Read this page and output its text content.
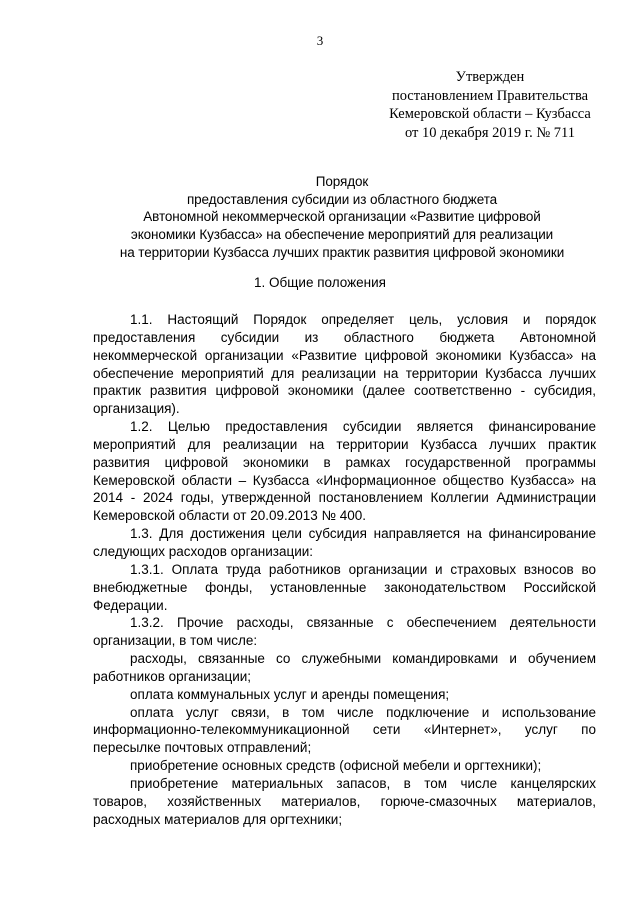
3
Утвержден
постановлением Правительства
Кемеровской области – Кузбасса
от 10 декабря 2019 г. № 711
Порядок
предоставления субсидии из областного бюджета
Автономной некоммерческой организации «Развитие цифровой
экономики Кузбасса» на обеспечение мероприятий для реализации
на территории Кузбасса лучших практик развития цифровой экономики
1. Общие положения
1.1. Настоящий Порядок определяет цель, условия и порядок
предоставления субсидии из областного бюджета Автономной
некоммерческой организации «Развитие цифровой экономики Кузбасса» на
обеспечение мероприятий для реализации на территории Кузбасса лучших
практик развития цифровой экономики (далее соответственно - субсидия,
организация).
1.2. Целью предоставления субсидии является финансирование
мероприятий для реализации на территории Кузбасса лучших практик
развития цифровой экономики в рамках государственной программы
Кемеровской области – Кузбасса «Информационное общество Кузбасса» на
2014 - 2024 годы, утвержденной постановлением Коллегии Администрации
Кемеровской области от 20.09.2013 № 400.
1.3. Для достижения цели субсидия направляется на финансирование
следующих расходов организации:
1.3.1. Оплата труда работников организации и страховых взносов во
внебюджетные фонды, установленные законодательством Российской
Федерации.
1.3.2. Прочие расходы, связанные с обеспечением деятельности
организации, в том числе:
расходы, связанные со служебными командировками и обучением
работников организации;
оплата коммунальных услуг и аренды помещения;
оплата услуг связи, в том числе подключение и использование
информационно-телекоммуникационной сети «Интернет», услуг по
пересылке почтовых отправлений;
приобретение основных средств (офисной мебели и оргтехники);
приобретение материальных запасов, в том числе канцелярских
товаров, хозяйственных материалов, горюче-смазочных материалов,
расходных материалов для оргтехники;
